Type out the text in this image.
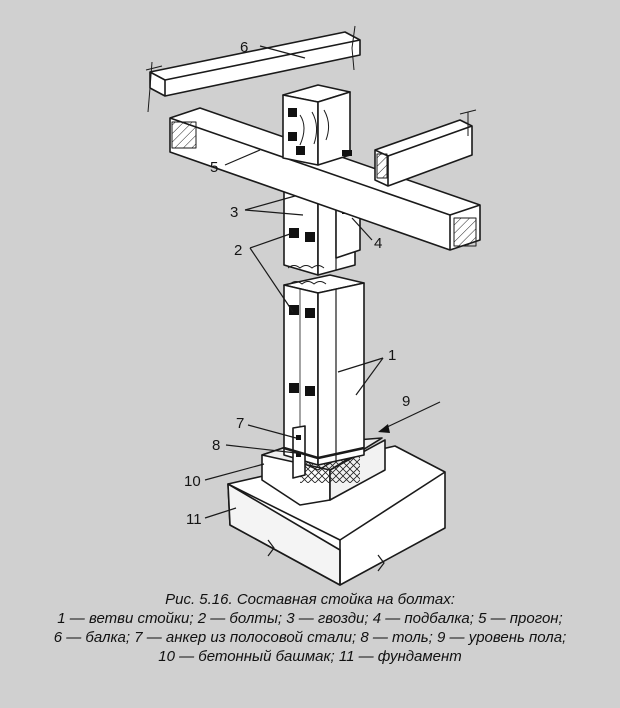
6
5
3
4
2
1
9
7
8
10
11
Рис. 5.16. Составная стойка на болтах:
1 — ветви стойки; 2 — болты; 3 — гвозди; 4 — подбалка; 5 — прогон;
6 — балка; 7 — анкер из полосовой стали; 8 — толь; 9 — уровень пола;
10 — бетонный башмак; 11 — фундамент
